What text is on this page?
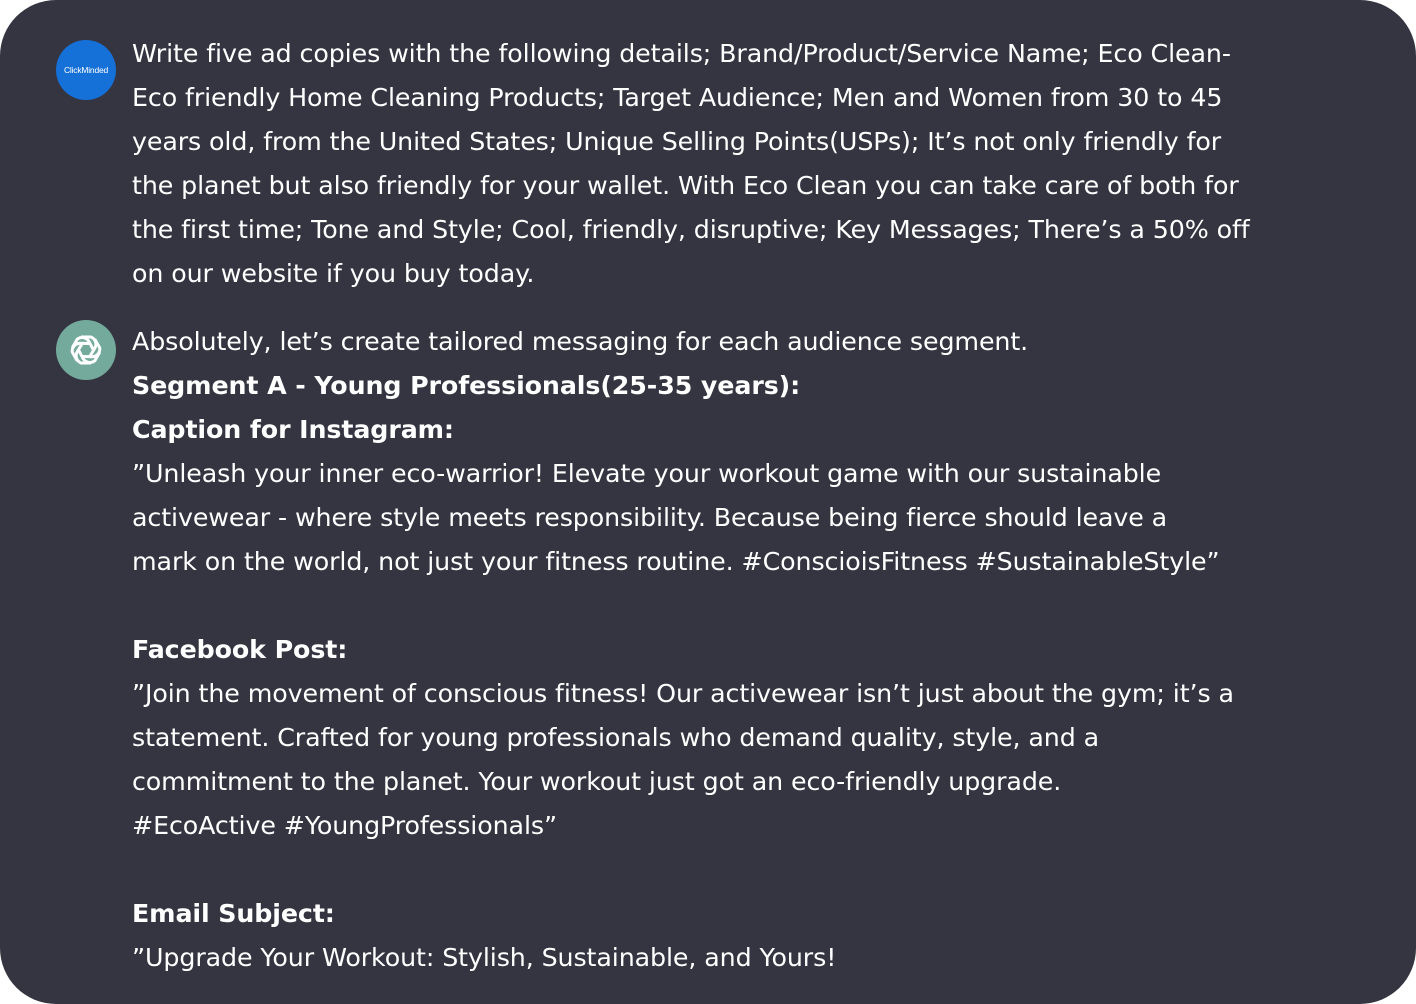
ClickMinded
Write five ad copies with the following details; Brand/Product/Service Name; Eco Clean-
Eco friendly Home Cleaning Products; Target Audience; Men and Women from 30 to 45
years old, from the United States; Unique Selling Points(USPs); It’s not only friendly for
the planet but also friendly for your wallet. With Eco Clean you can take care of both for
the first time; Tone and Style; Cool, friendly, disruptive; Key Messages; There’s a 50% off
on our website if you buy today.
Absolutely, let’s create tailored messaging for each audience segment.
Segment A - Young Professionals(25-35 years):
Caption for Instagram:
”Unleash your inner eco-warrior! Elevate your workout game with our sustainable
activewear - where style meets responsibility. Because being fierce should leave a
mark on the world, not just your fitness routine. #ConscioisFitness #SustainableStyle”
Facebook Post:
”Join the movement of conscious fitness! Our activewear isn’t just about the gym; it’s a
statement. Crafted for young professionals who demand quality, style, and a
commitment to the planet. Your workout just got an eco-friendly upgrade.
#EcoActive #YoungProfessionals”
Email Subject:
”Upgrade Your Workout: Stylish, Sustainable, and Yours!
